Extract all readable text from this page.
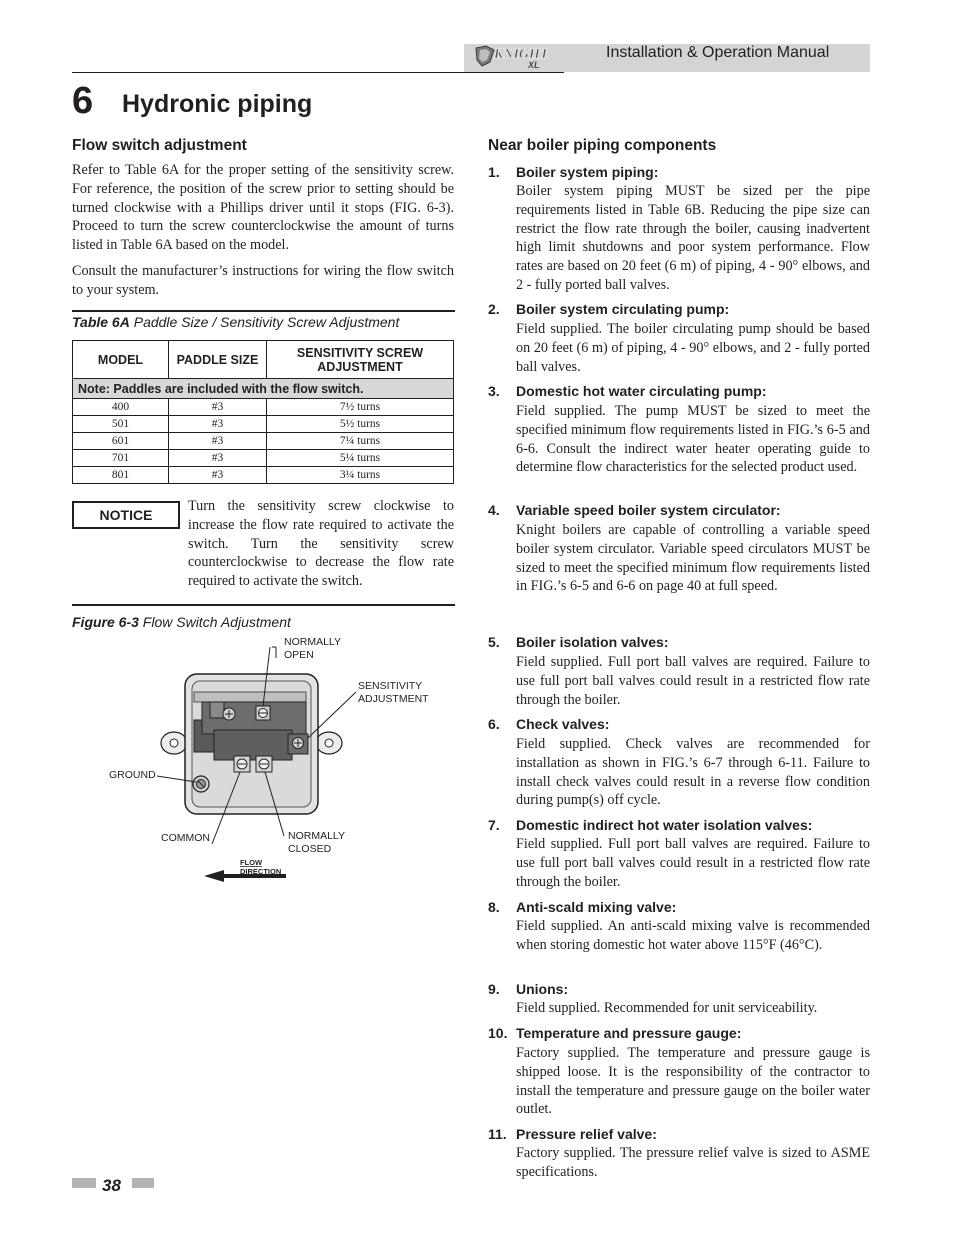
KNIGHT
XL
Installation & Operation Manual
6 Hydronic piping
Flow switch adjustment

Refer to Table 6A for the proper setting of the sensitivity screw. For reference, the position of the screw prior to setting should be turned clockwise with a Phillips driver until it stops (FIG. 6-3). Proceed to turn the screw counterclockwise the amount of turns listed in Table 6A based on the model.

Consult the manufacturer’s instructions for wiring the flow switch to your system.

Table 6A Paddle Size / Sensitivity Screw Adjustment
MODEL	PADDLE SIZE	SENSITIVITY SCREW ADJUSTMENT
Note: Paddles are included with the flow switch.		
400	#3	7½ turns
501	#3	5½ turns
601	#3	7¼ turns
701	#3	5¼ turns
801	#3	3¼ turns
NOTICE

Turn the sensitivity screw clockwise to increase the flow rate required to activate the switch. Turn the sensitivity screw counterclockwise to decrease the flow rate required to activate the switch.

Figure 6-3 Flow Switch Adjustment
NORMALLY
OPEN
SENSITIVITY
ADJUSTMENT
GROUND
COMMON	NORMALLY
CLOSED
FLOW
DIRECTION
Near boiler piping components
1. Boiler system piping:

Boiler system piping MUST be sized per the pipe requirements listed in Table 6B. Reducing the pipe size can restrict the flow rate through the boiler, causing inadvertent high limit shutdowns and poor system performance. Flow rates are based on 20 feet (6 m) of piping, 4 - 90° elbows, and 2 - fully ported ball valves.

2. Boiler system circulating pump:

Field supplied. The boiler circulating pump should be based on 20 feet (6 m) of piping, 4 - 90° elbows, and 2 - fully ported ball valves.

3. Domestic hot water circulating pump:

Field supplied. The pump MUST be sized to meet the specified minimum flow requirements listed in FIG.’s 6-5 and 6-6. Consult the indirect water heater operating guide to determine flow characteristics for the selected product used.

4. Variable speed boiler system circulator:

Knight boilers are capable of controlling a variable speed boiler system circulator. Variable speed circulators MUST be sized to meet the specified minimum flow requirements listed in FIG.’s 6-5 and 6-6 on page 40 at full speed.

5. Boiler isolation valves:

Field supplied. Full port ball valves are required. Failure to use full port ball valves could result in a restricted flow rate through the boiler.

6. Check valves:

Field supplied. Check valves are recommended for installation as shown in FIG.’s 6-7 through 6-11. Failure to install check valves could result in a reverse flow condition during pump(s) off cycle.

7. Domestic indirect hot water isolation valves:

Field supplied. Full port ball valves are required. Failure to use full port ball valves could result in a restricted flow rate through the boiler.

8. Anti-scald mixing valve:

Field supplied. An anti-scald mixing valve is recommended when storing domestic hot water above 115°F (46°C).

9. Unions:

Field supplied. Recommended for unit serviceability.

10. Temperature and pressure gauge:

Factory supplied. The temperature and pressure gauge is shipped loose. It is the responsibility of the contractor to install the temperature and pressure gauge on the boiler water outlet.

11. Pressure relief valve:

Factory supplied. The pressure relief valve is sized to ASME specifications.

38
